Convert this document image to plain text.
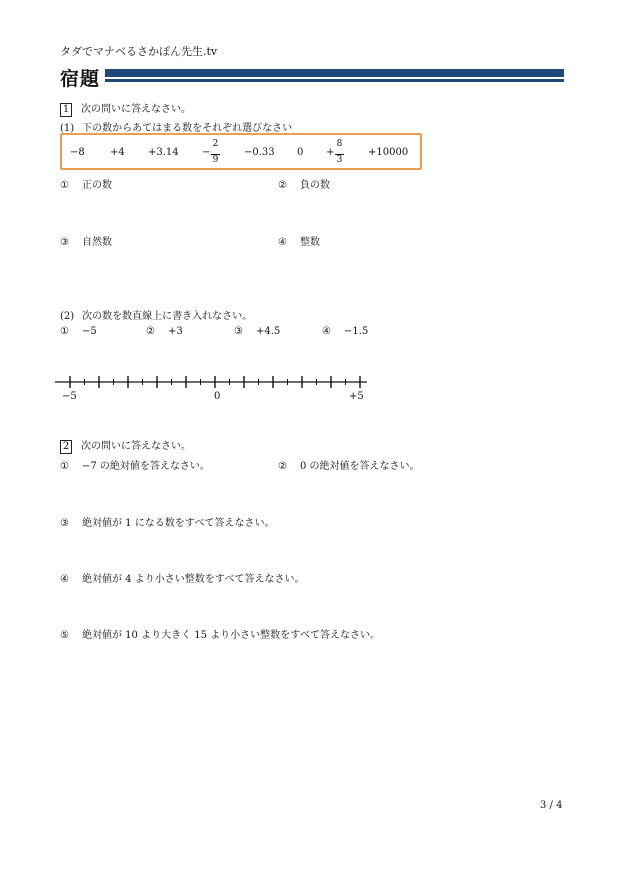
タダでマナベるさかぽん先生.tv
宿題
1 次の問いに答えなさい。
(1) 下の数からあてはまる数をそれぞれ選びなさい
−8	+4 +3.14 −
2
9
−0.33 0 +
8
3
+10000
① 正の数	② 負の数
③ 自然数	④ 整数
(2) 次の数を数直線上に書き入れなさい。
① −5	② +3	③ +4.5	④ −1.5
−5	0	+5
2 次の問いに答えなさい。
① −7 の絶対値を答えなさい。	② 0 の絶対値を答えなさい。
③ 絶対値が 1 になる数をすべて答えなさい。
④ 絶対値が 4 より小さい整数をすべて答えなさい。
⑤ 絶対値が 10 より大きく 15 より小さい整数をすべて答えなさい。
3 / 4
